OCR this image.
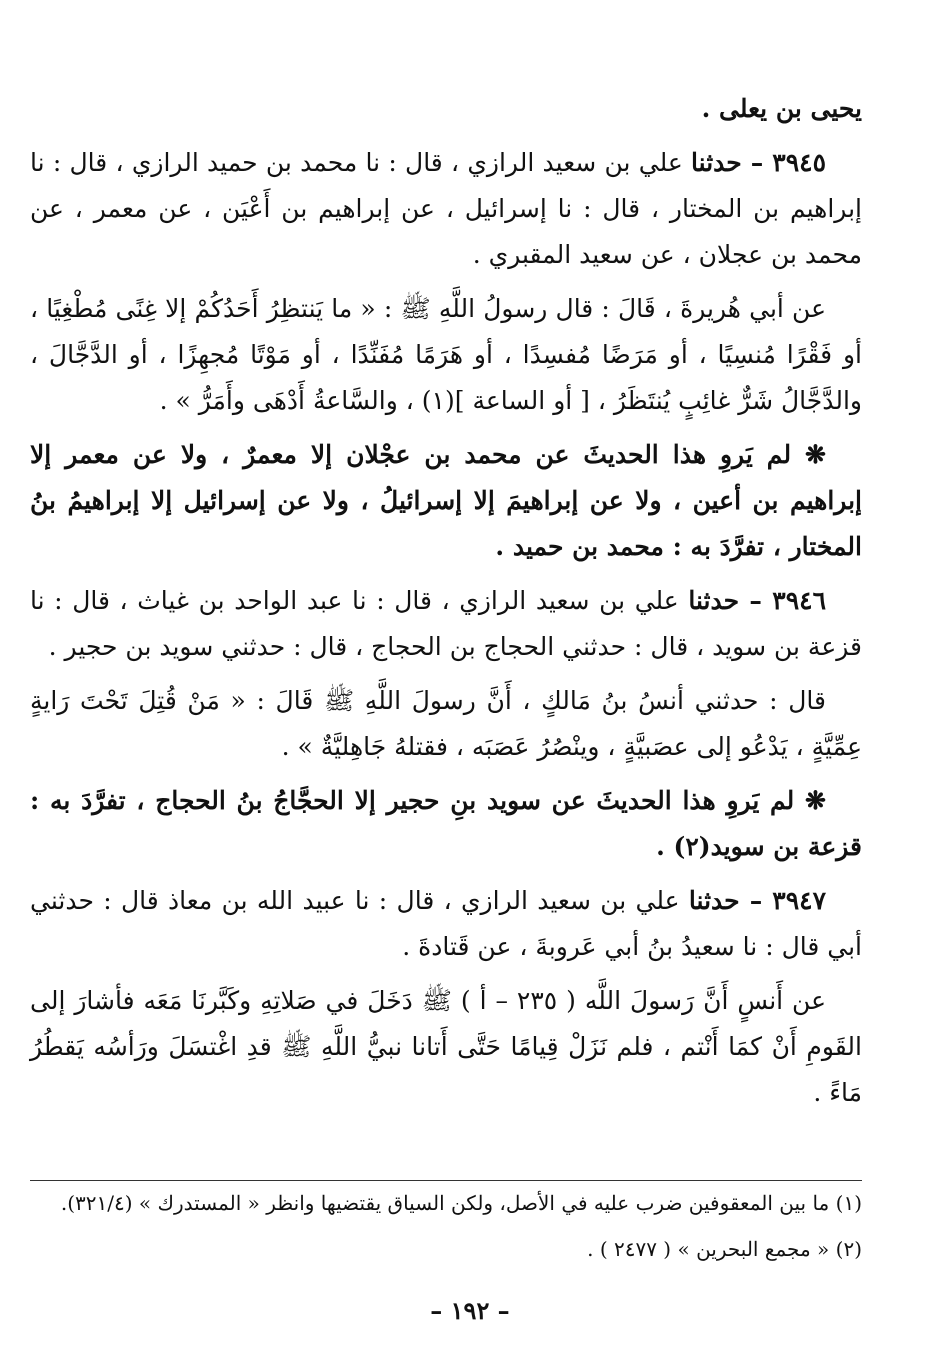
يحيى بن يعلى .

٣٩٤٥ – حدثنا علي بن سعيد الرازي ، قال : نا محمد بن حميد الرازي ، قال : نا إبراهيم بن المختار ، قال : نا إسرائيل ، عن إبراهيم بن أَعْيَن ، عن معمر ، عن محمد بن عجلان ، عن سعيد المقبري .

عن أبي هُريرةَ ، قَالَ : قال رسولُ اللَّهِ ﷺ : « ما يَنتظِرُ أَحَدُكُمْ إلا غِنًى مُطْغِيًا ، أو فَقْرًا مُنسِيًا ، أو مَرَضًا مُفسِدًا ، أو هَرَمًا مُفَنِّدًا ، أو مَوْتًا مُجهِزًا ، أو الدَّجَّالَ ، والدَّجَّالُ شَرٌّ غائِبٍ يُنتَظَرُ ، [ أو الساعة ](١) ، والسَّاعةُ أَدْهَى وأَمَرُّ » .

❋ لم يَروِ هذا الحديثَ عن محمد بن عجْلان إلا معمرٌ ، ولا عن معمر إلا إبراهيم بن أعين ، ولا عن إبراهيمَ إلا إسرائيلُ ، ولا عن إسرائيل إلا إبراهيمُ بنُ المختار ، تفرَّدَ به : محمد بن حميد .

٣٩٤٦ – حدثنا علي بن سعيد الرازي ، قال : نا عبد الواحد بن غياث ، قال : نا قزعة بن سويد ، قال : حدثني الحجاج بن الحجاج ، قال : حدثني سويد بن حجير .

قال : حدثني أنسُ بنُ مَالكٍ ، أَنَّ رسولَ اللَّهِ ﷺ قَالَ : « مَنْ قُتِلَ تَحْتَ رَايةٍ عِمِّيَّةٍ ، يَدْعُو إلى عصَبيَّةٍ ، وينْصُرُ عَصَبَه ، فقتلهُ جَاهِليَّةٌ » .

❋ لم يَروِ هذا الحديثَ عن سويد بنِ حجير إلا الحجَّاجُ بنُ الحجاج ، تفرَّدَ به : قزعة بن سويد(٢) .

٣٩٤٧ – حدثنا علي بن سعيد الرازي ، قال : نا عبيد الله بن معاذ قال : حدثني أبي قال : نا سعيدُ بنُ أبي عَروبةَ ، عن قَتادةَ .

عن أَنسٍ أَنَّ رَسولَ اللَّه ( ٢٣٥ – أ ) ﷺ دَخَلَ في صَلاتِهِ وكَبَّرنَا مَعَه فأشارَ إلى القَومِ أَنْ كمَا أَنْتم ، فلم نَزَلْ قِيامًا حَتَّى أَتانا نبيُّ اللَّهِ ﷺ قدِ اغْتسَلَ ورَأسُه يَقطُرُ مَاءً .

(١) ما بين المعقوفين ضرب عليه في الأصل، ولكن السياق يقتضيها وانظر « المستدرك » (٣٢١/٤).

(٢) « مجمع البحرين » ( ٢٤٧٧ ) .

– ١٩٢ –
